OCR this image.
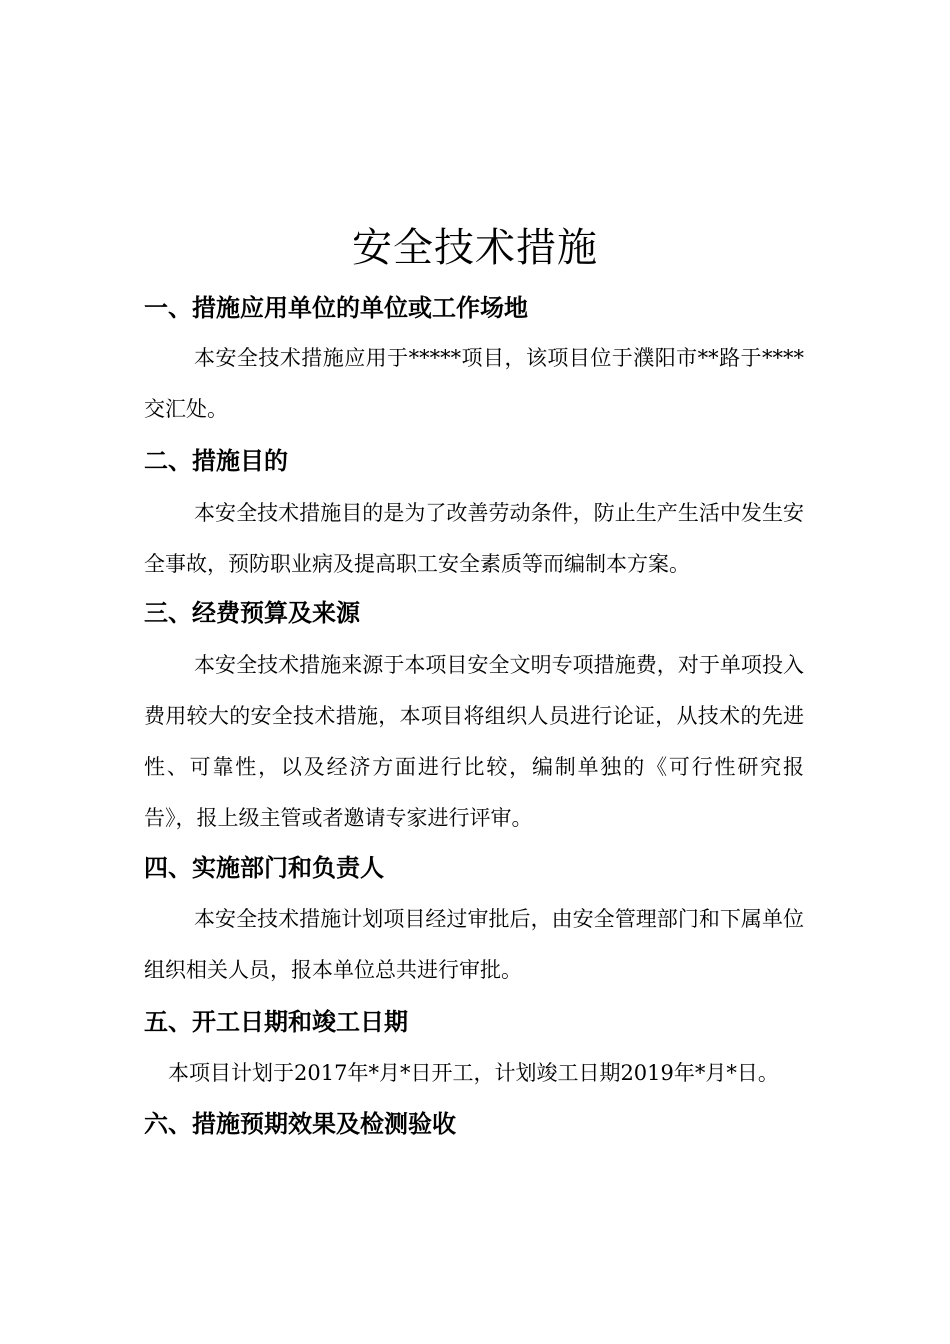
安全技术措施
一、措施应用单位的单位或工作场地

本安全技术措施应用于*****项目，该项目位于濮阳市**路于****交汇处。

二、措施目的

本安全技术措施目的是为了改善劳动条件，防止生产生活中发生安全事故，预防职业病及提高职工安全素质等而编制本方案。

三、经费预算及来源

本安全技术措施来源于本项目安全文明专项措施费，对于单项投入费用较大的安全技术措施，本项目将组织人员进行论证，从技术的先进性、可靠性，以及经济方面进行比较，编制单独的《可行性研究报告》，报上级主管或者邀请专家进行评审。

四、实施部门和负责人

本安全技术措施计划项目经过审批后，由安全管理部门和下属单位组织相关人员，报本单位总共进行审批。

五、开工日期和竣工日期

本项目计划于2017年*月*日开工，计划竣工日期2019年*月*日。

六、措施预期效果及检测验收
